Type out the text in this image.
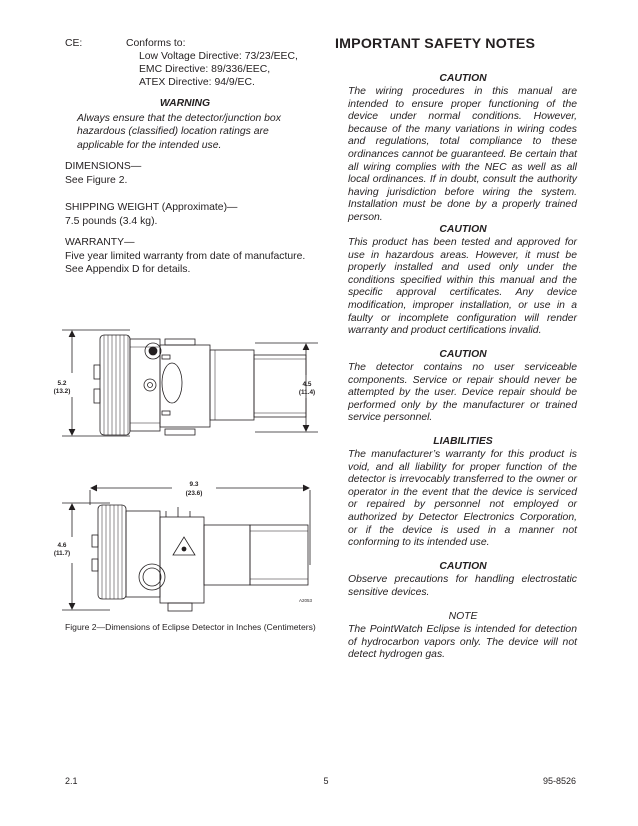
CE:	Conforms to:
Low Voltage Directive: 73/23/EEC,
EMC Directive: 89/336/EEC,
ATEX Directive: 94/9/EC.
WARNING
Always ensure that the detector/junction box hazardous (classified) location ratings are applicable for the intended use.
DIMENSIONS—
See Figure 2.
SHIPPING WEIGHT (Approximate)—
7.5 pounds (3.4 kg).
WARRANTY—
Five year limited warranty from date of manufacture. See Appendix D for details.
5.2
(13.2)
4.5
(11.4)
9.3
(23.6)
4.6
(11.7)
A2053
Figure 2—Dimensions of Eclipse Detector in Inches (Centimeters)
IMPORTANT SAFETY NOTES
CAUTION
The wiring procedures in this manual are intended to ensure proper functioning of the device under normal conditions. However, because of the many variations in wiring codes and regulations, total compliance to these ordinances cannot be guaranteed. Be certain that all wiring complies with the NEC as well as all local ordinances. If in doubt, consult the authority having jurisdiction before wiring the system. Installation must be done by a properly trained person.
CAUTION
This product has been tested and approved for use in hazardous areas. However, it must be properly installed and used only under the conditions specified within this manual and the specific approval certificates. Any device modification, improper installation, or use in a faulty or incomplete configuration will render warranty and product certifications invalid.
CAUTION
The detector contains no user serviceable components. Service or repair should never be attempted by the user. Device repair should be performed only by the manufacturer or trained service personnel.
LIABILITIES
The manufacturer’s warranty for this product is void, and all liability for proper function of the detector is irrevocably transferred to the owner or operator in the event that the device is serviced or repaired by personnel not employed or authorized by Detector Electronics Corporation, or if the device is used in a manner not conforming to its intended use.
CAUTION
Observe precautions for handling electrostatic sensitive devices.
NOTE
The PointWatch Eclipse is intended for detection of hydrocarbon vapors only. The device will not detect hydrogen gas.
2.1	5	95-8526
